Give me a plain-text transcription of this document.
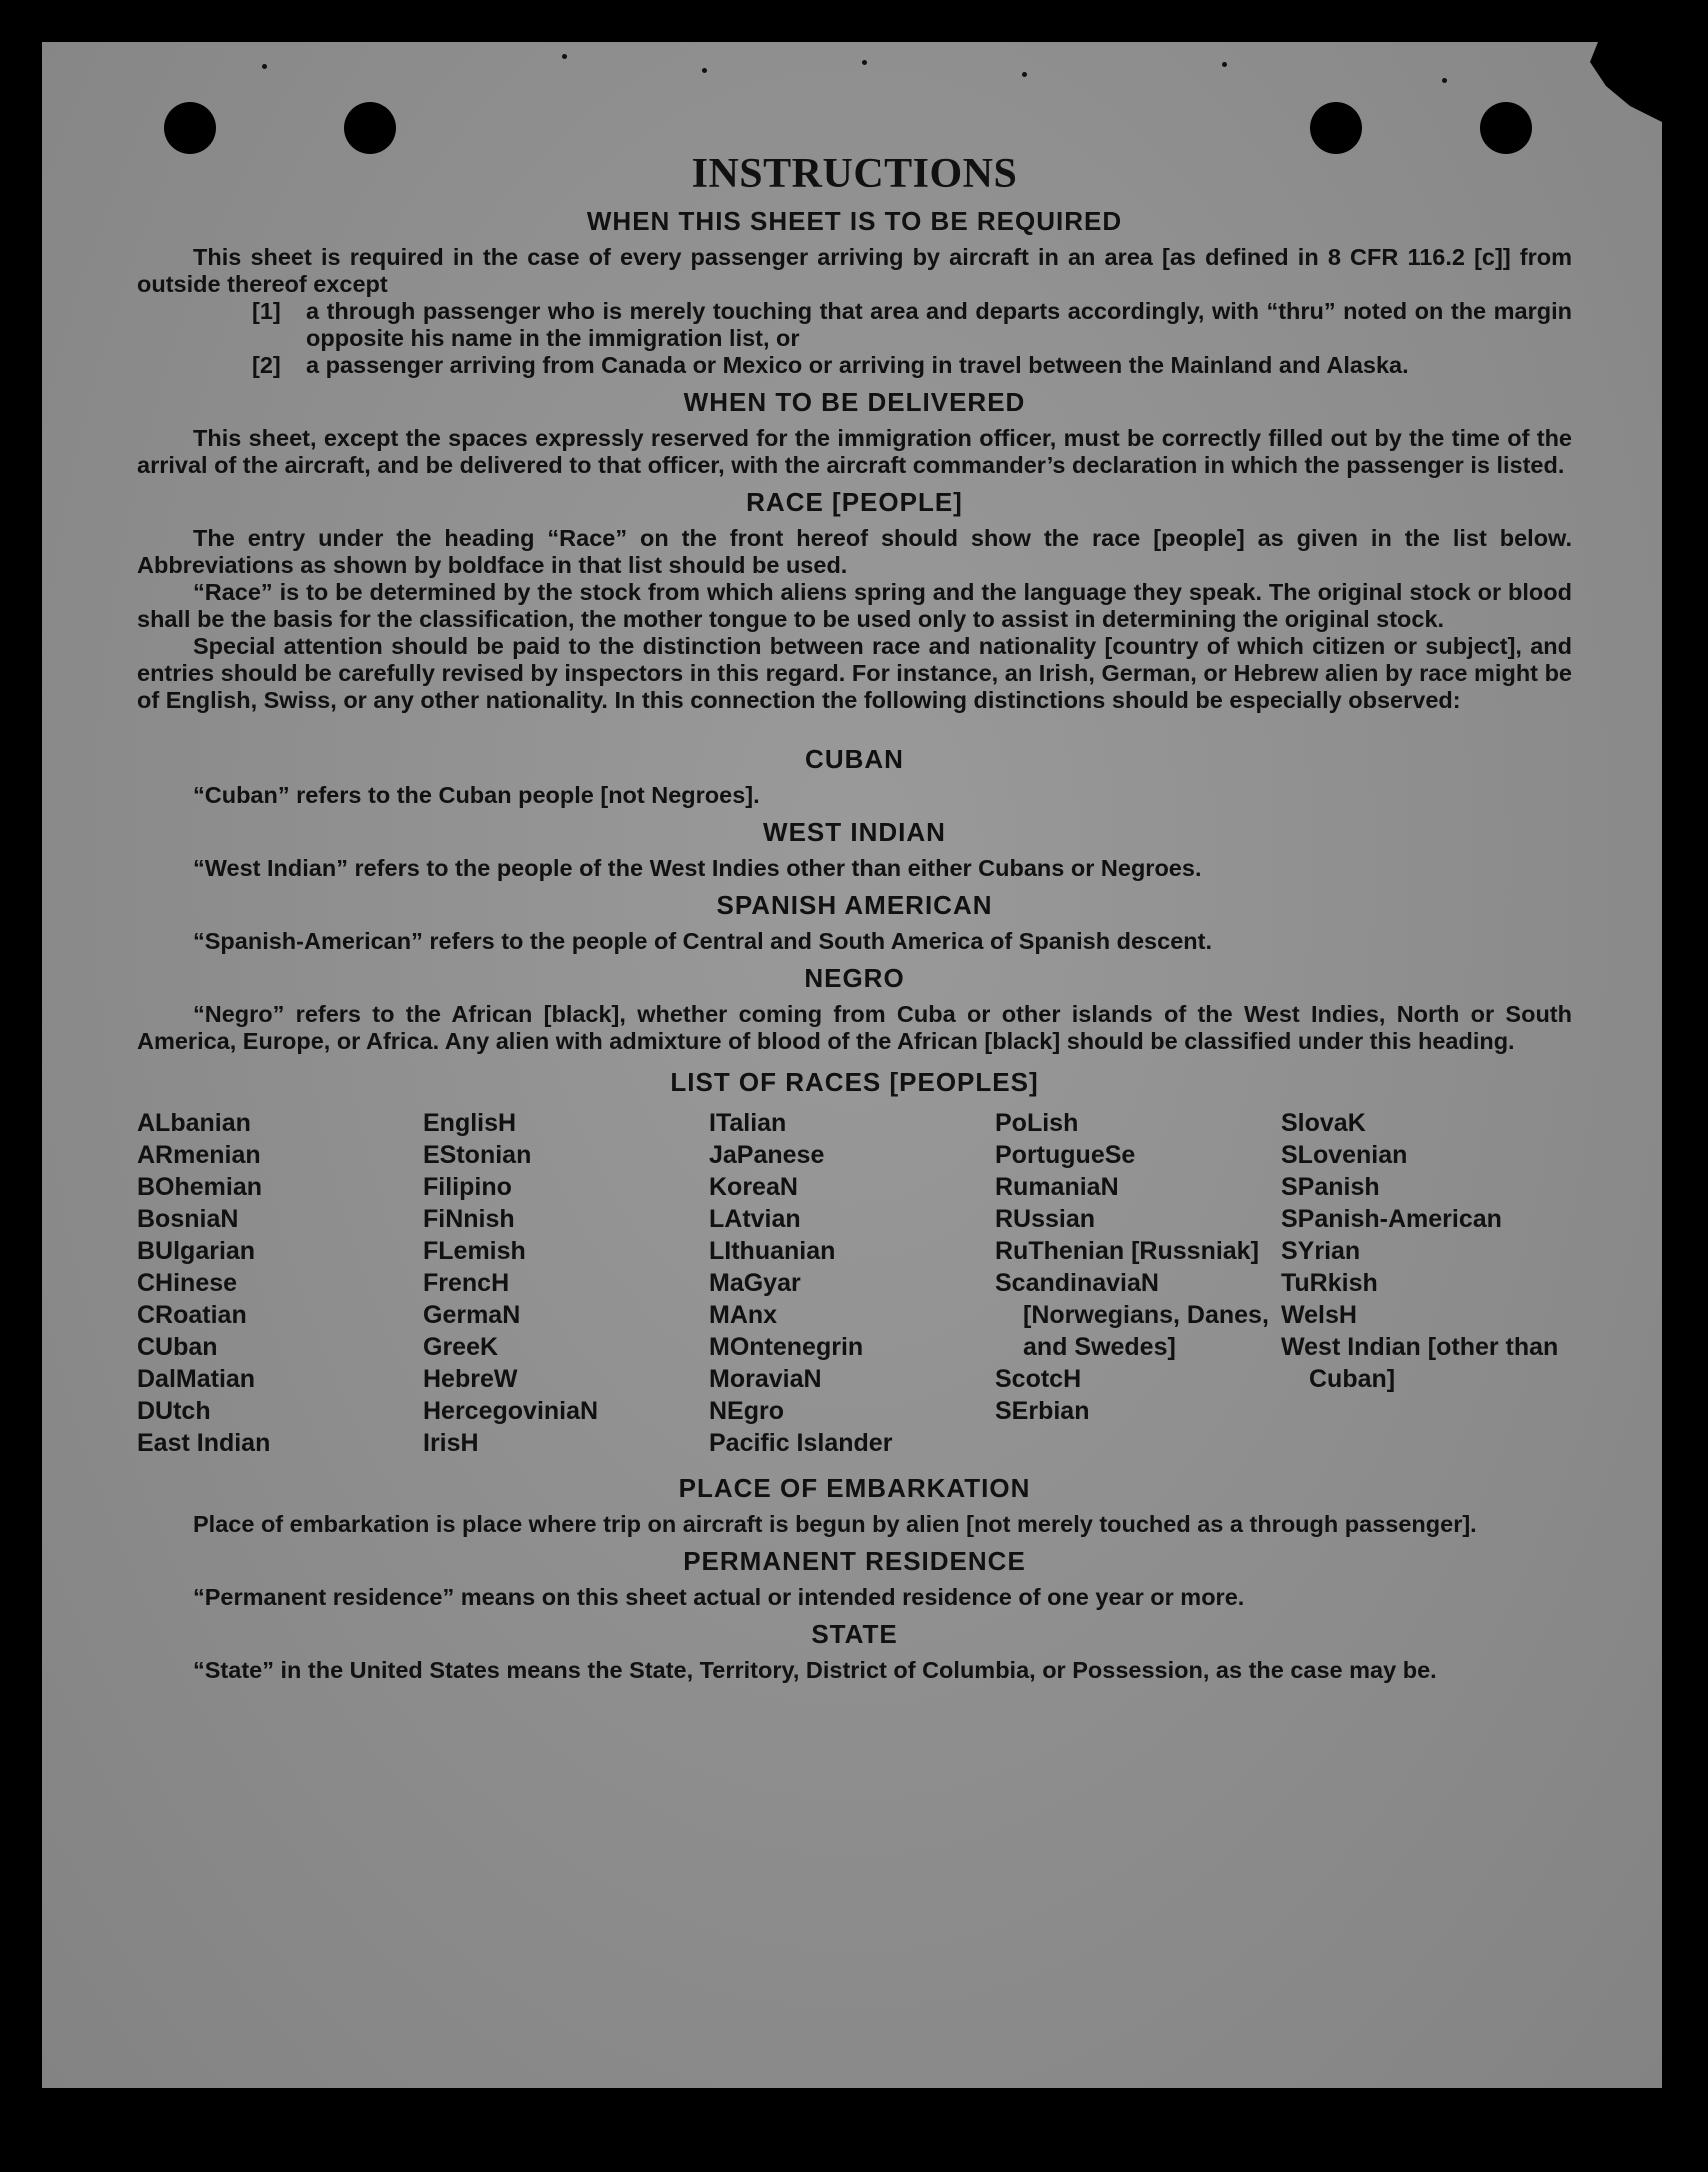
INSTRUCTIONS
WHEN THIS SHEET IS TO BE REQUIRED

This sheet is required in the case of every passenger arriving by aircraft in an area [as defined in 8 CFR 116.2 [c]] from outside thereof except

[1]	a through passenger who is merely touching that area and departs accordingly, with “thru” noted on the margin opposite his name in the immigration list, or
[2]	a passenger arriving from Canada or Mexico or arriving in travel between the Mainland and Alaska.
WHEN TO BE DELIVERED

This sheet, except the spaces expressly reserved for the immigration officer, must be correctly filled out by the time of the arrival of the aircraft, and be delivered to that officer, with the aircraft commander’s declaration in which the passenger is listed.

RACE [PEOPLE]

The entry under the heading “Race” on the front hereof should show the race [people] as given in the list below. Abbreviations as shown by boldface in that list should be used.

“Race” is to be determined by the stock from which aliens spring and the language they speak. The original stock or blood shall be the basis for the classification, the mother tongue to be used only to assist in determining the original stock.

Special attention should be paid to the distinction between race and nationality [country of which citizen or subject], and entries should be carefully revised by inspectors in this regard. For instance, an Irish, German, or Hebrew alien by race might be of English, Swiss, or any other nationality. In this connection the following distinctions should be especially observed:

CUBAN

“Cuban” refers to the Cuban people [not Negroes].

WEST INDIAN

“West Indian” refers to the people of the West Indies other than either Cubans or Negroes.

SPANISH AMERICAN

“Spanish-American” refers to the people of Central and South America of Spanish descent.

NEGRO

“Negro” refers to the African [black], whether coming from Cuba or other islands of the West Indies, North or South America, Europe, or Africa. Any alien with admixture of blood of the African [black] should be classified under this heading.

LIST OF RACES [PEOPLES]
ALbanian
ARmenian
BOhemian
BosniaN
BUlgarian
CHinese
CRoatian
CUban
DalMatian
DUtch
East Indian
EnglisH
EStonian
Filipino
FiNnish
FLemish
FrencH
GermaN
GreeK
HebreW
HercegoviniaN
IrisH
ITalian
JaPanese
KoreaN
LAtvian
LIthuanian
MaGyar
MAnx
MOntenegrin
MoraviaN
NEgro
Pacific Islander
PoLish
PortugueSe
RumaniaN
RUssian
RuThenian [Russniak]
ScandinaviaN [Norwegians, Danes, and Swedes]
ScotcH
SErbian
SlovaK
SLovenian
SPanish
SPanish-American
SYrian
TuRkish
WelsH
West Indian [other than Cuban]
PLACE OF EMBARKATION

Place of embarkation is place where trip on aircraft is begun by alien [not merely touched as a through passenger].

PERMANENT RESIDENCE

“Permanent residence” means on this sheet actual or intended residence of one year or more.

STATE

“State” in the United States means the State, Territory, District of Columbia, or Possession, as the case may be.
